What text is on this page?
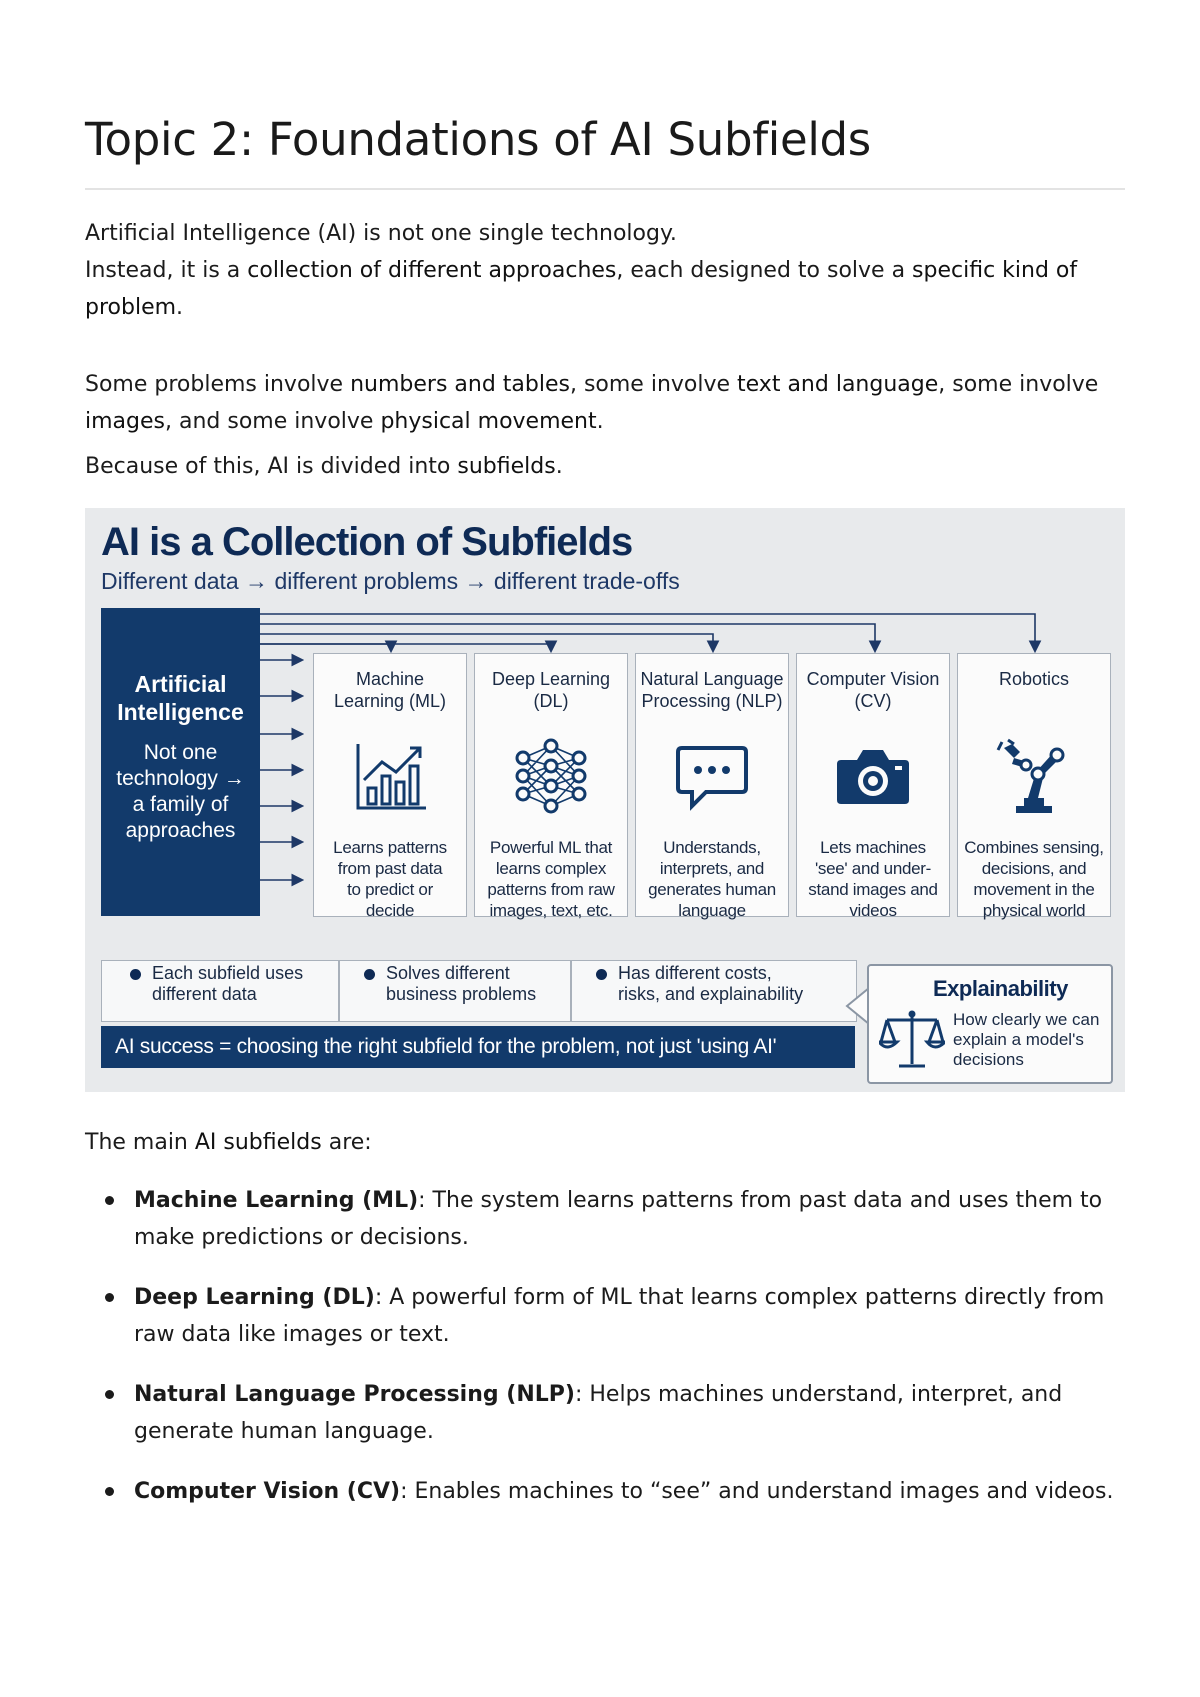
Topic 2: Foundations of AI Subfields

Artificial Intelligence (AI) is not one single technology.
Instead, it is a collection of different approaches, each designed to solve a specific kind of problem.

Some problems involve numbers and tables, some involve text and language, some involve images, and some involve physical movement.

Because of this, AI is divided into subfields.

AI is a Collection of Subfields
Different data → different problems → different trade-offs
Artificial
Intelligence
Not one
technology →
a family of
approaches
Machine
Learning (ML)
Learns patterns
from past data
to predict or
decide
Deep Learning
(DL)
Powerful ML that
learns complex
patterns from raw
images, text, etc.
Natural Language
Processing (NLP)
Understands,
interprets, and
generates human
language
Computer Vision
(CV)
Lets machines
'see' and under-
stand images and
videos
Robotics
Combines sensing,
decisions, and
movement in the
physical world
Each subfield uses
different data
Solves different
business problems
Has different costs,
risks, and explainability
AI success = choosing the right subfield for the problem, not just 'using AI'
Explainability
How clearly we can
explain a model's
decisions

The main AI subfields are:

Machine Learning (ML): The system learns patterns from past data and uses them to make predictions or decisions.
Deep Learning (DL): A powerful form of ML that learns complex patterns directly from raw data like images or text.
Natural Language Processing (NLP): Helps machines understand, interpret, and generate human language.
Computer Vision (CV): Enables machines to “see” and understand images and videos.
